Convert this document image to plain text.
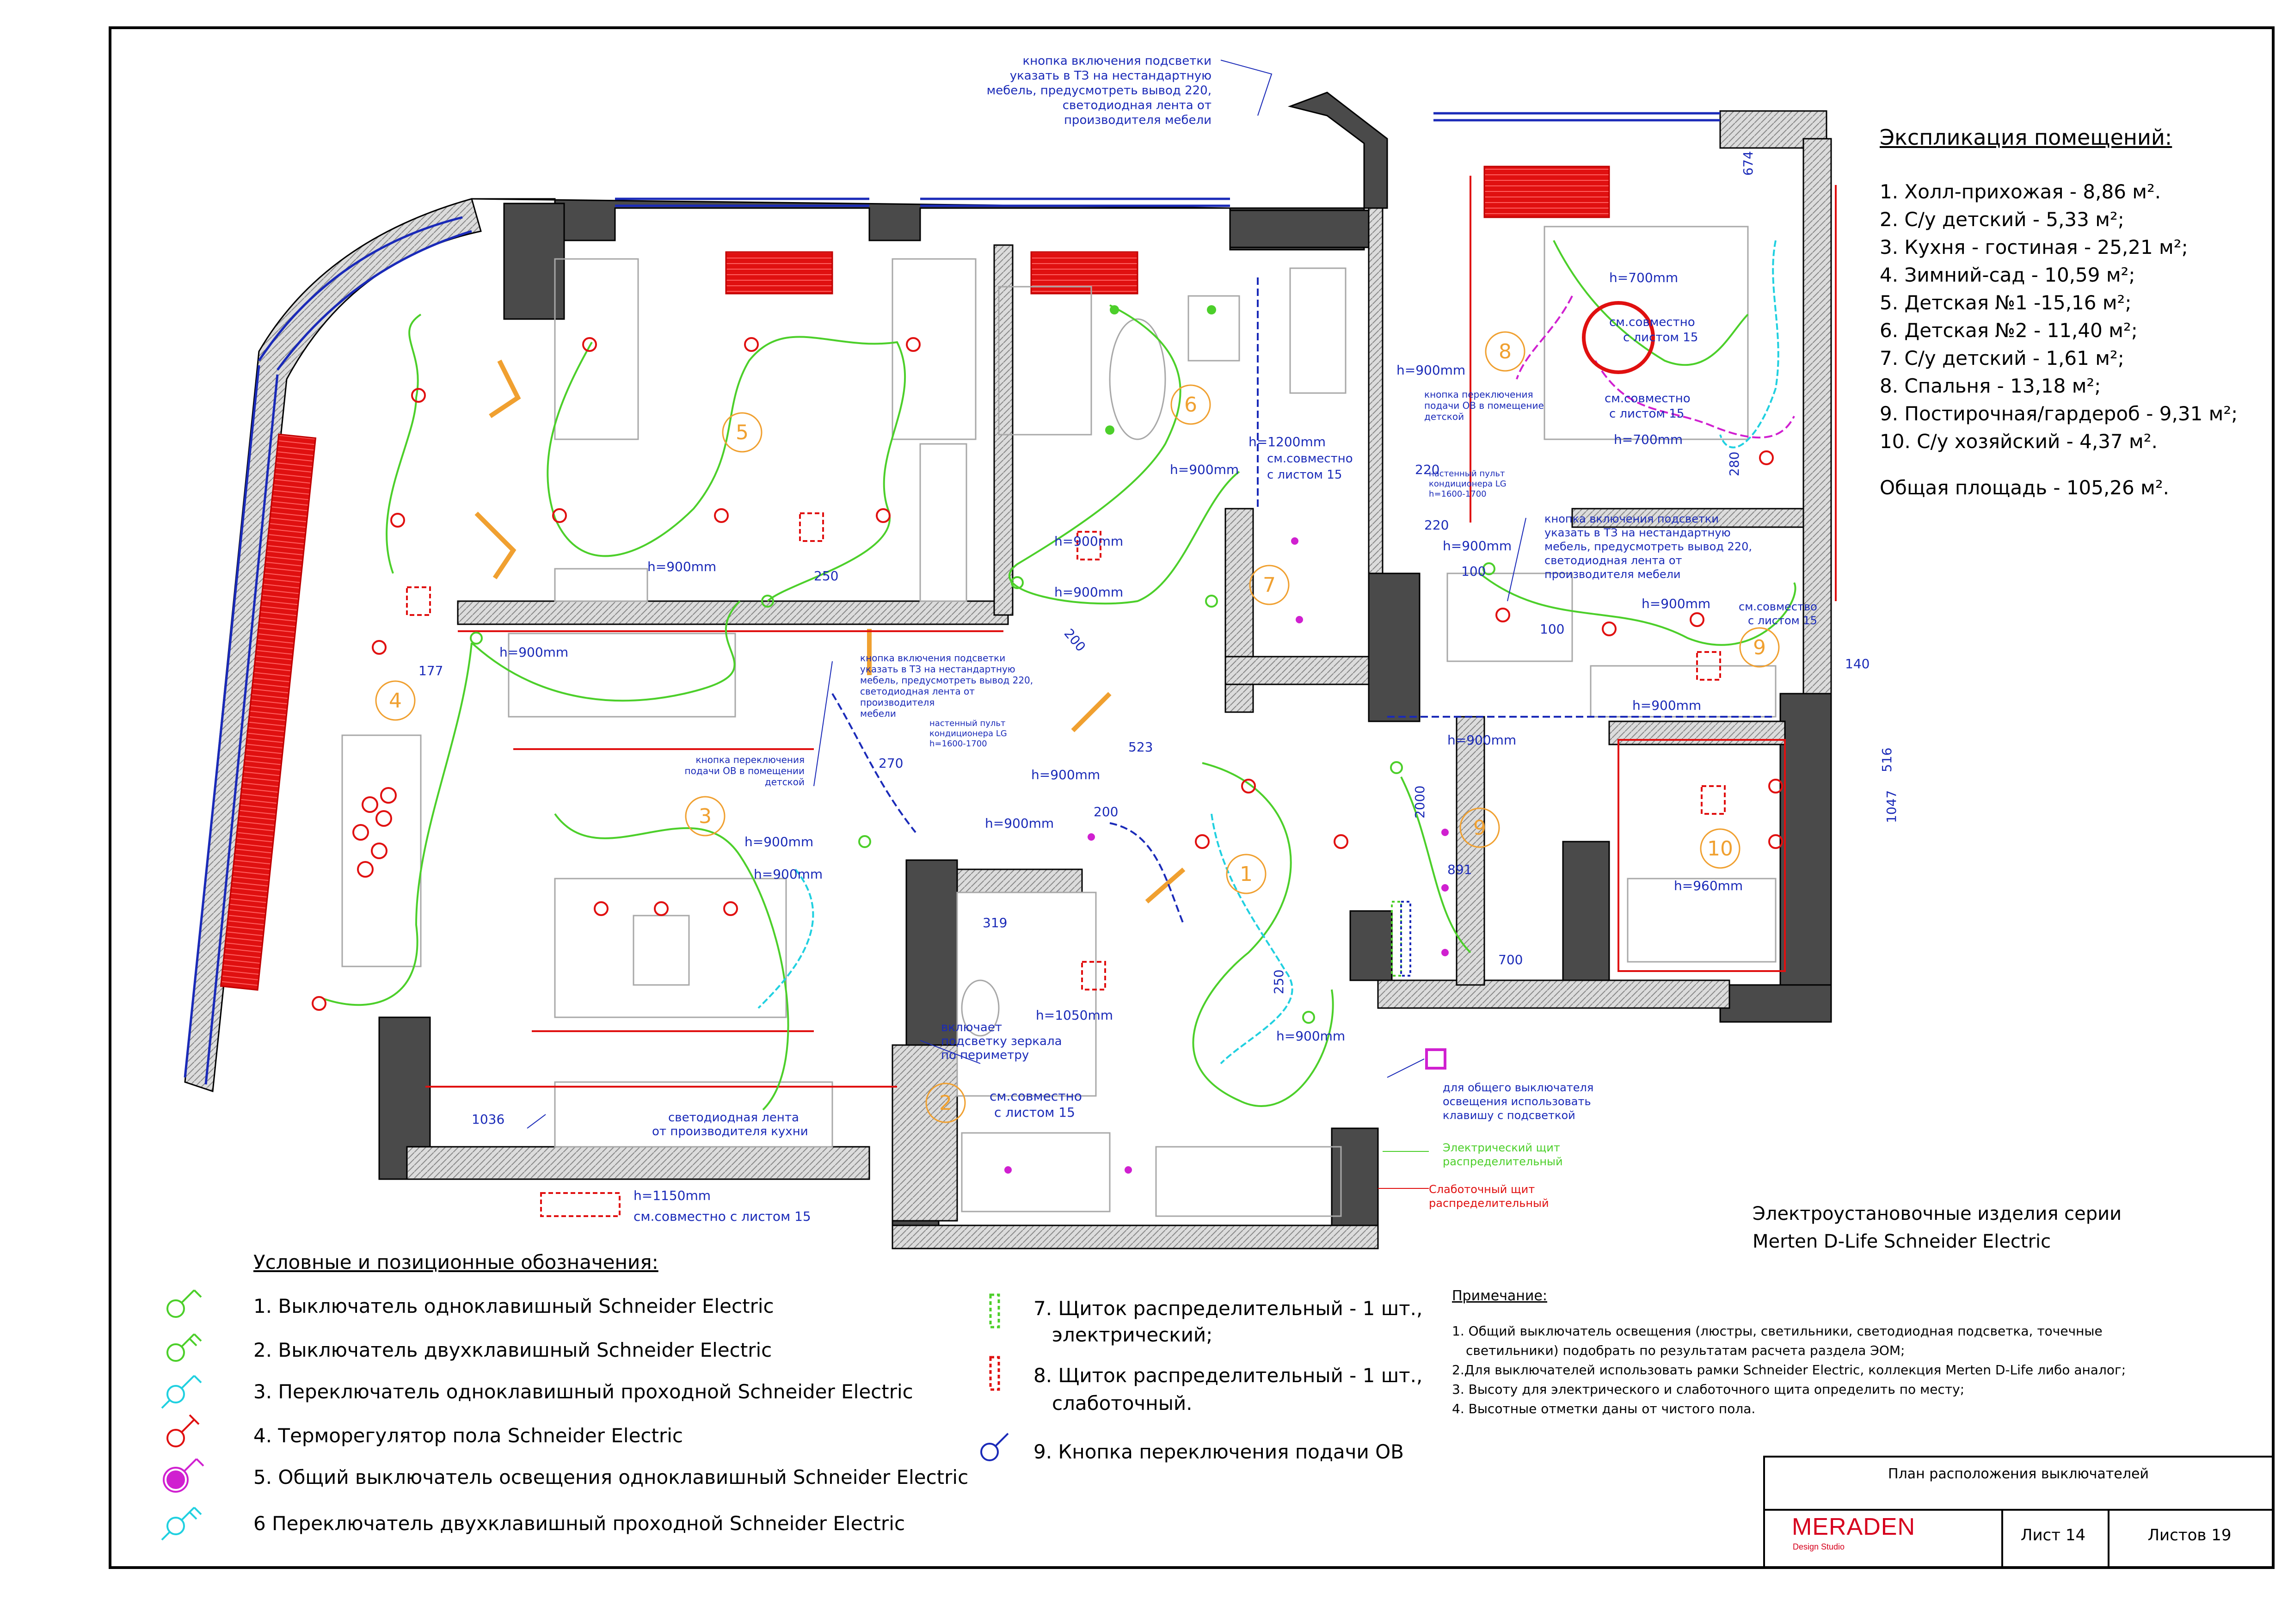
5
6
8
4
3
1
7
9
9
2
10
кнопка включения подсветки
указать в ТЗ на нестандартную
мебель, предусмотреть вывод 220,
светодиодная лента от
производителя мебели
кнопка включения подсветки
указать в ТЗ на нестандартную
мебель, предусмотреть вывод 220,
светодиодная лента от
производителя мебели
кнопка включения подсветки
указать в ТЗ на нестандартную
мебель, предусмотреть вывод 220,
светодиодная лента от
производителя
мебели
кнопка переключения
подачи ОВ в помещении
детской
кнопка переключения
подачи ОВ в помещение
детской
настенный пульт
кондиционера LG
h=1600-1700
настенный пульт
кондиционера LG
h=1600-1700
светодиодная лента
от производителя кухни
включает
подсветку зеркала
по периметру
для общего выключателя
освещения использовать
клавишу с подсветкой
Электрический щит
распределительный
Слаботочный щит
распределительный
см.совместно
с листом 15
см.совместно
с листом 15
см.совместно
с листом 15
см.совместно
с листом 15
см.совместно с листом 15
см.совмество
с листом 15
h=900mm
h=900mm
h=900mm
h=900mm
h=900mm
h=900mm
h=900mm
h=900mm
h=900mm
h=900mm
h=900mm
h=900mm
h=900mm
h=900mm
h=900mm
h=1200mm
h=700mm
h=700mm
h=1050mm
h=1150mm
h=960mm
674
280
220
220
100
100
250
200
177
523
270
200
319
250
891
700
2000
140
516
1047
1036
Экспликация помещений:
1. Холл-прихожая - 8,86 м².
2. С/у детский - 5,33 м²;
3. Кухня - гостиная - 25,21 м²;
4. Зимний-сад - 10,59 м²;
5. Детская №1 -15,16 м²;
6. Детская №2 - 11,40 м²;
7. С/у детский - 1,61 м²;
8. Спальня - 13,18 м²;
9. Постирочная/гардероб - 9,31 м²;
10. С/у хозяйский - 4,37 м².
Общая площадь - 105,26 м².
Условные и позиционные обозначения:
1. Выключатель одноклавишный Schneider Electric
2. Выключатель двухклавишный Schneider Electric
3. Переключатель одноклавишный проходной Schneider Electric
4. Терморегулятор пола Schneider Electric
5. Общий выключатель освещения одноклавишный Schneider Electric
6 Переключатель двухклавишный проходной Schneider Electric
7. Щиток распределительный - 1 шт.,
электрический;
8. Щиток распределительный - 1 шт.,
слаботочный.
9. Кнопка переключения подачи ОВ
Электроустановочные изделия серии
Merten D-Life Schneider Electric
Примечание:
1. Общий выключатель освещения (люстры, светильники, светодиодная подсветка, точечные
светильники) подобрать по результатам расчета раздела ЭОМ;
2.Для выключателей использовать рамки Schneider Electric, коллекция Merten D-Life либо аналог;
3. Высоту для электрического и слаботочного щита определить по месту;
4. Высотные отметки даны от чистого пола.
План расположения выключателей
MERADEN
Design Studio
Лист 14	Листов 19
